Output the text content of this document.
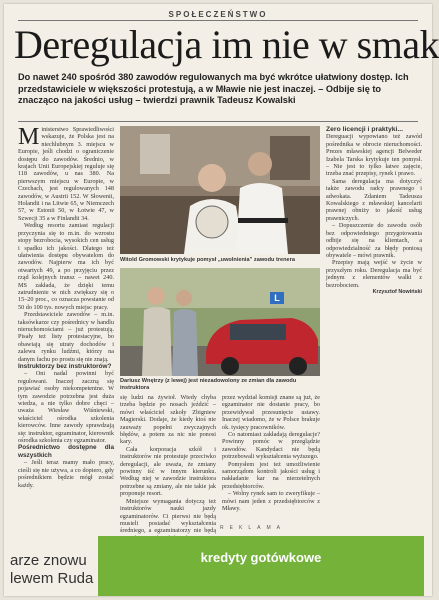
SPOŁECZEŃSTWO
Deregulacja im nie w smak
Do nawet 240 spośród 380 zawodów regulowanych ma być wkrótce ułatwiony dostęp. Ich przedstawiciele w większości protestują, a w Mławie nie jest inaczej. – Odbije się to znacząco na jakości usług – twierdzi prawnik Tadeusz Kowalski

Ministerstwo Sprawiedliwości wskazuje, że Polska jest na niechlubnym 3. miejscu w Europie, jeśli chodzi o ograniczenie dostępu do zawodów. Średnio, w krajach Unii Europejskiej reguluje się 118 zawodów, u nas 380. Na pierwszym miejscu w Europie, w Czechach, jest regulowanych 148 zawodów, w Austrii 152. W Słowenii, Holandii i na Litwie 65, w Niemczech 57, w Estonii 50, w Łotwie 47, w Szwecji 35 a w Finlandii 34.

Według resortu zamiast regulacji przyczynia się to m.in. do wzrostu stopy bezrobocia, wysokich cen usług i spadku ich jakości. Dlatego też ułatwienia dostępu obywatelom do zawodów. Najpierw ma ich być otwartych 49, a po przyjęciu przez rząd kolejnych transz – nawet 240. MS zakłada, że dzięki temu zatrudnienie w nich zwiększy się o 15–20 proc., co oznacza powstanie od 50 do 100 tys. nowych miejsc pracy.

Przedstawiciele zawodów – m.in. taksówkarze czy pośrednicy w handlu nieruchomościami – już protestują. Pisały też listy protestacyjne, bo obawiają się utraty dochodów i zalewu rynku ludźmi, którzy na danym fachu po prostu się nie znają.

Instruktorzy bez instruktorów?

– Oni nadal powinni być regulowani. Inaczej zaczną się pojawiać osoby niekompetentne. W tym zawodzie potrzebna jest duża wiedza, a nie tylko dobre chęci – uważa Wiesław Wiśniewski, właściciel ośrodka szkolenia kierowców. Inne zawody sprawdzają się: instruktor, egzaminator, kierownik ośrodka szkolenia czy egzaminator.

Pośrednictwo dostępne dla wszystkich

– Jeśli teraz mamy mało pracy, cieśli się nie używa, a co dopiero, gdy pośrednikiem będzie mógł zostać każdy.

Witold Gromowski krytykuje pomysł „uwolnienia” zawodu trenera
L
Dariusz Wnętrzy (z lewej) jest niezadowolony ze zmian dla zawodu instruktora

się ludzi na żywioł. Wtedy chyba trzeba będzie po nosach jeździć – mówi właściciel szkoły Zbigniew Magierski. Dodaje, że kiedy ktoś nie zauważy popełni zwyczajnych błędów, a potem za nic nie ponosi kary.

Cała korporacja szkół i instruktorów nie protestuje przeciwko deregulacji, ale uważa, że zmiany powinny iść w innym kierunku. Według niej w zawodzie instruktora potrzebne są zmiany, ale nie takie jak proponuje resort.

Mniejsze wymagania dotyczą też instruktorów nauki jazdy egzaminatorów. Ci pierwsi nie będą musieli posiadać wykształcenia średniego, a egzaminatorzy nie będą

przez wydział komisji znane są już, że egzaminator nie dostanie pracy, bo przewidywał przesunięcie ustawy. Inaczej wiadomo, że w Polsce brakuje ok. tysięcy pracowników.

Co natomiast zakładają deregulacje? Powinny pomóc w przeglądzie zawodów. Kandydaci nie będą potrzebowali wykształcenia wyższego.

Pomysłem jest też umożliwienie samorządom kontroli jakości usług i nakładanie kar na nierzetelnych przedsiębiorców.

– Wolny rynek sam to zweryfikuje – mówi nam jeden z przedsiębiorców z Mławy.

Zero licencji i praktyki...

Dereguacji wypowiano też zawód pośrednika w obrocie nieruchomości. Prezes mławskiej agencji Belweder Izabela Tarska krytykuje ten pomysł. – Nie jest to tylko łatwe zajęcie, trzeba znać przepisy, rynek i prawo.

Sama deregulacja ma dotyczyć także zawodu radcy prawnego i adwokata. Zdaniem Tadeusza Kowalskiego z mławskiej kancelarii prawnej obniży to jakość usług prawniczych.

– Dopuszczenie do zawodu osób bez odpowiedniego przygotowania odbije się na klientach, a odpowiedzialność za błędy poniosą obywatele – mówi prawnik.

Przepisy mają wejść w życie w przyszłym roku. Deregulacja ma być jednym z elementów walki z bezrobociem.

Krzysztof Nowiński

arze znowu
lewem Ruda
REKLAMA
kredyty gotówkowe
